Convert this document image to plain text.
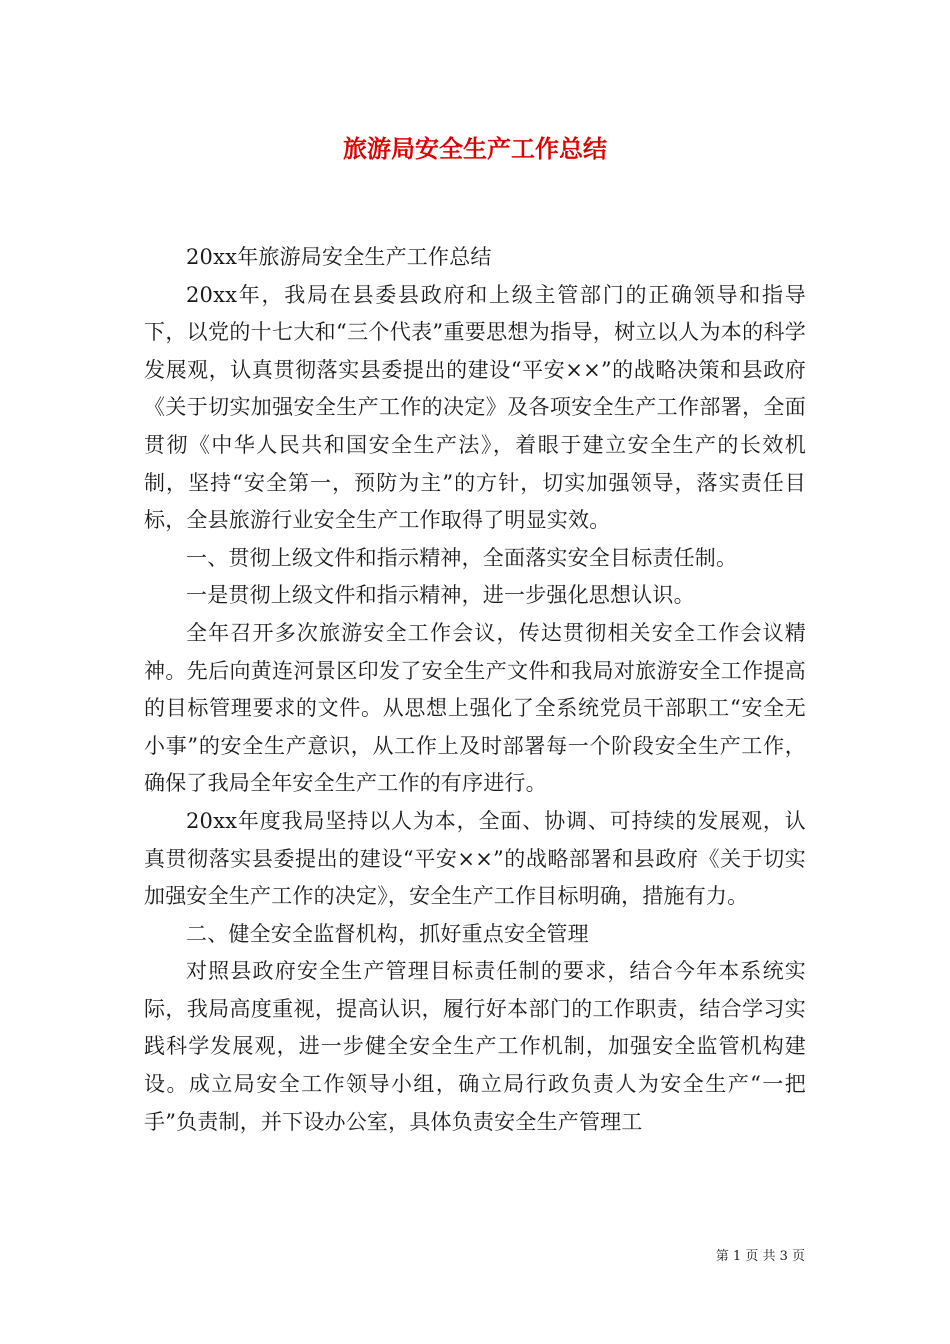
旅游局安全生产工作总结

20xx年旅游局安全生产工作总结

20xx年，我局在县委县政府和上级主管部门的正确领导和指导下，以党的十七大和“三个代表”重要思想为指导，树立以人为本的科学发展观，认真贯彻落实县委提出的建设“平安××”的战略决策和县政府《关于切实加强安全生产工作的决定》及各项安全生产工作部署，全面贯彻《中华人民共和国安全生产法》，着眼于建立安全生产的长效机制，坚持“安全第一，预防为主”的方针，切实加强领导，落实责任目标，全县旅游行业安全生产工作取得了明显实效。

一、贯彻上级文件和指示精神，全面落实安全目标责任制。

一是贯彻上级文件和指示精神，进一步强化思想认识。

全年召开多次旅游安全工作会议，传达贯彻相关安全工作会议精神。先后向黄连河景区印发了安全生产文件和我局对旅游安全工作提高的目标管理要求的文件。从思想上强化了全系统党员干部职工“安全无小事”的安全生产意识，从工作上及时部署每一个阶段安全生产工作，确保了我局全年安全生产工作的有序进行。

20xx年度我局坚持以人为本，全面、协调、可持续的发展观，认真贯彻落实县委提出的建设“平安××”的战略部署和县政府《关于切实加强安全生产工作的决定》，安全生产工作目标明确，措施有力。

二、健全安全监督机构，抓好重点安全管理

对照县政府安全生产管理目标责任制的要求，结合今年本系统实际，我局高度重视，提高认识，履行好本部门的工作职责，结合学习实践科学发展观，进一步健全安全生产工作机制，加强安全监管机构建设。成立局安全工作领导小组，确立局行政负责人为安全生产“一把手”负责制，并下设办公室，具体负责安全生产管理工

第 1 页 共 3 页
